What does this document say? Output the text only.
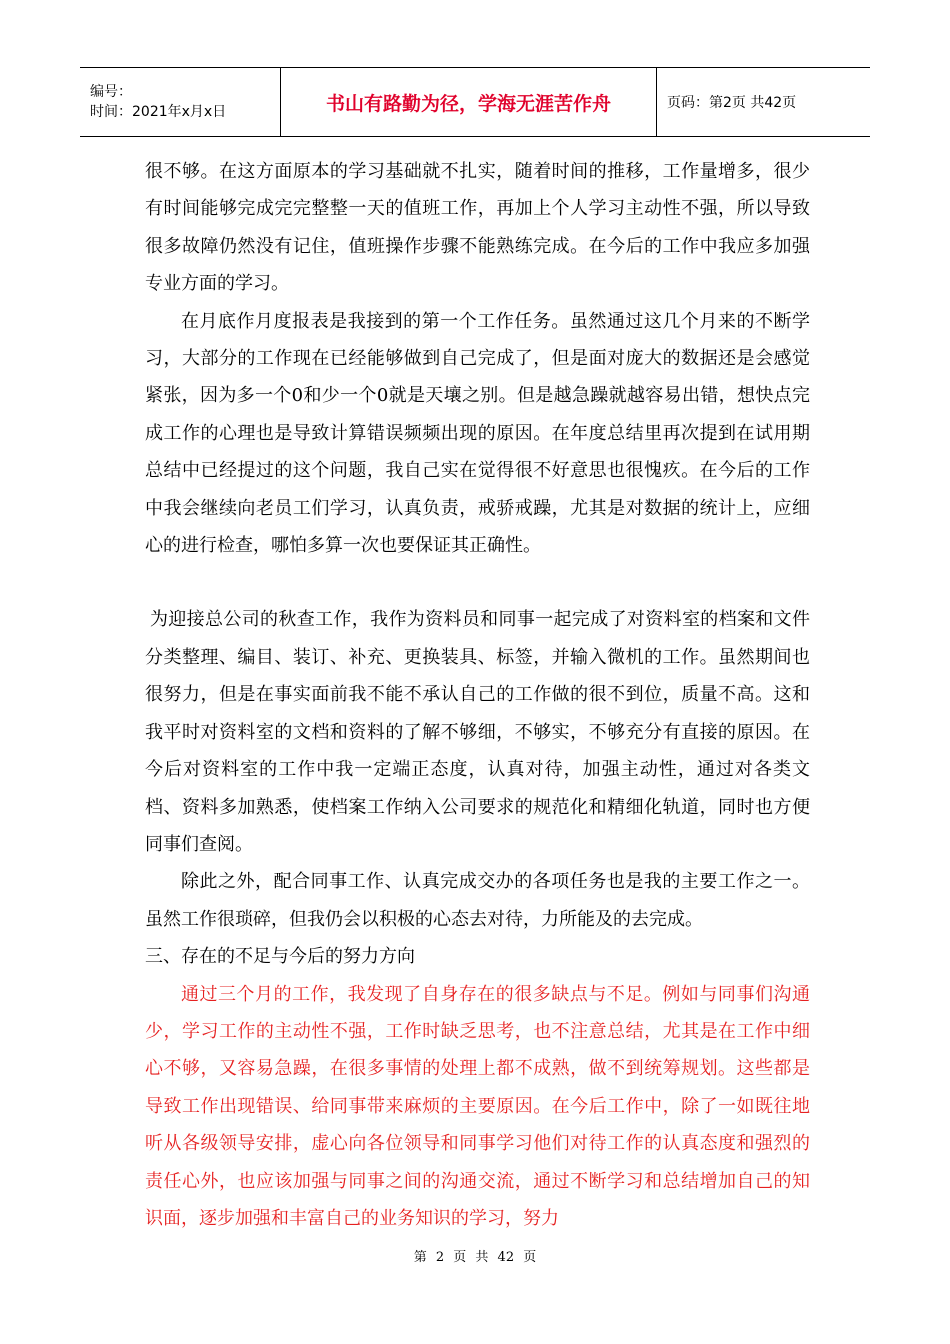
编号：
时间：2021年x月x日	书山有路勤为径，学海无涯苦作舟	页码：第2页 共42页

很不够。在这方面原本的学习基础就不扎实，随着时间的推移，工作量增多，很少有时间能够完成完完整整一天的值班工作，再加上个人学习主动性不强，所以导致很多故障仍然没有记住，值班操作步骤不能熟练完成。在今后的工作中我应多加强专业方面的学习。

在月底作月度报表是我接到的第一个工作任务。虽然通过这几个月来的不断学习，大部分的工作现在已经能够做到自己完成了，但是面对庞大的数据还是会感觉紧张，因为多一个0和少一个0就是天壤之别。但是越急躁就越容易出错，想快点完成工作的心理也是导致计算错误频频出现的原因。在年度总结里再次提到在试用期总结中已经提过的这个问题，我自己实在觉得很不好意思也很愧疚。在今后的工作中我会继续向老员工们学习，认真负责，戒骄戒躁，尤其是对数据的统计上，应细心的进行检查，哪怕多算一次也要保证其正确性。

为迎接总公司的秋查工作，我作为资料员和同事一起完成了对资料室的档案和文件分类整理、编目、装订、补充、更换装具、标签，并输入微机的工作。虽然期间也很努力，但是在事实面前我不能不承认自己的工作做的很不到位，质量不高。这和我平时对资料室的文档和资料的了解不够细，不够实，不够充分有直接的原因。在今后对资料室的工作中我一定端正态度，认真对待，加强主动性，通过对各类文档、资料多加熟悉，使档案工作纳入公司要求的规范化和精细化轨道，同时也方便同事们查阅。

除此之外，配合同事工作、认真完成交办的各项任务也是我的主要工作之一。虽然工作很琐碎，但我仍会以积极的心态去对待，力所能及的去完成。

三、存在的不足与今后的努力方向

通过三个月的工作，我发现了自身存在的很多缺点与不足。例如与同事们沟通少，学习工作的主动性不强，工作时缺乏思考，也不注意总结，尤其是在工作中细心不够，又容易急躁，在很多事情的处理上都不成熟，做不到统筹规划。这些都是导致工作出现错误、给同事带来麻烦的主要原因。在今后工作中，除了一如既往地听从各级领导安排，虚心向各位领导和同事学习他们对待工作的认真态度和强烈的责任心外，也应该加强与同事之间的沟通交流，通过不断学习和总结增加自己的知识面，逐步加强和丰富自己的业务知识的学习，努力

第 2 页 共 42 页
